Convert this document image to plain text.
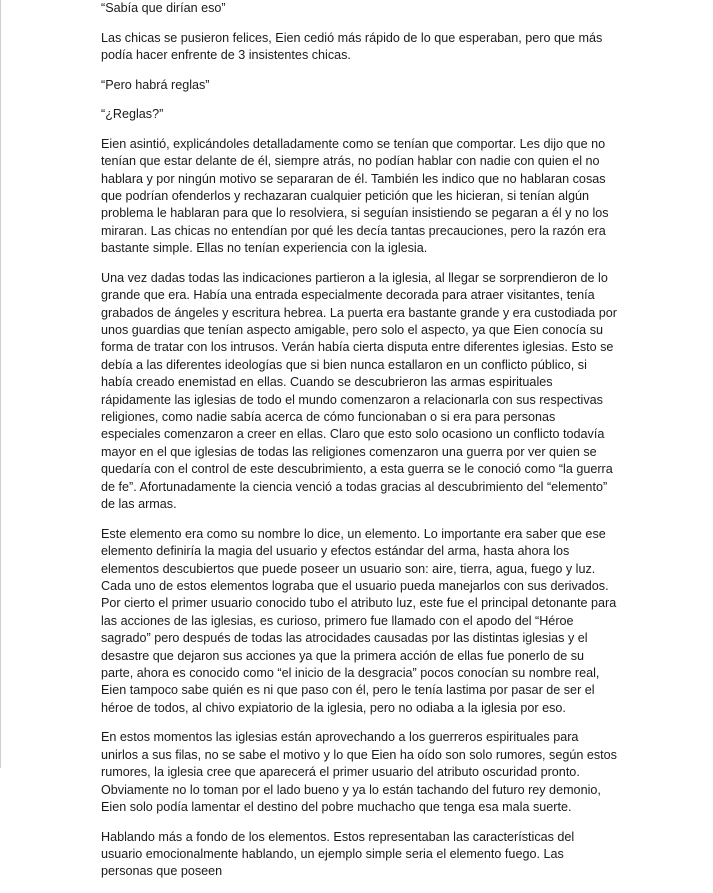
“Sabía que dirían eso”

Las chicas se pusieron felices, Eien cedió más rápido de lo que esperaban, pero que más podía hacer enfrente de 3 insistentes chicas.

“Pero habrá reglas”

“¿Reglas?”

Eien asintió, explicándoles detalladamente como se tenían que comportar. Les dijo que no tenían que estar delante de él, siempre atrás, no podían hablar con nadie con quien el no hablara y por ningún motivo se separaran de él. También les indico que no hablaran cosas que podrían ofenderlos y rechazaran cualquier petición que les hicieran, si tenían algún problema le hablaran para que lo resolviera, si seguían insistiendo se pegaran a él y no los miraran. Las chicas no entendían por qué les decía tantas precauciones, pero la razón era bastante simple. Ellas no tenían experiencia con la iglesia.

Una vez dadas todas las indicaciones partieron a la iglesia, al llegar se sorprendieron de lo grande que era. Había una entrada especialmente decorada para atraer visitantes, tenía grabados de ángeles y escritura hebrea. La puerta era bastante grande y era custodiada por unos guardias que tenían aspecto amigable, pero solo el aspecto, ya que Eien conocía su forma de tratar con los intrusos. Verán había cierta disputa entre diferentes iglesias. Esto se debía a las diferentes ideologías que si bien nunca estallaron en un conflicto público, si había creado enemistad en ellas. Cuando se descubrieron las armas espirituales rápidamente las iglesias de todo el mundo comenzaron a relacionarla con sus respectivas religiones, como nadie sabía acerca de cómo funcionaban o si era para personas especiales comenzaron a creer en ellas. Claro que esto solo ocasiono un conflicto todavía mayor en el que iglesias de todas las religiones comenzaron una guerra por ver quien se quedaría con el control de este descubrimiento, a esta guerra se le conoció como “la guerra de fe”. Afortunadamente la ciencia venció a todas gracias al descubrimiento del “elemento” de las armas.

Este elemento era como su nombre lo dice, un elemento. Lo importante era saber que ese elemento definiría la magia del usuario y efectos estándar del arma, hasta ahora los elementos descubiertos que puede poseer un usuario son: aire, tierra, agua, fuego y luz. Cada uno de estos elementos lograba que el usuario pueda manejarlos con sus derivados. Por cierto el primer usuario conocido tubo el atributo luz, este fue el principal detonante para las acciones de las iglesias, es curioso, primero fue llamado con el apodo del “Héroe sagrado” pero después de todas las atrocidades causadas por las distintas iglesias y el desastre que dejaron sus acciones ya que la primera acción de ellas fue ponerlo de su parte, ahora es conocido como “el inicio de la desgracia” pocos conocían su nombre real, Eien tampoco sabe quién es ni que paso con él, pero le tenía lastima por pasar de ser el héroe de todos, al chivo expiatorio de la iglesia, pero no odiaba a la iglesia por eso.

En estos momentos las iglesias están aprovechando a los guerreros espirituales para unirlos a sus filas, no se sabe el motivo y lo que Eien ha oído son solo rumores, según estos rumores, la iglesia cree que aparecerá el primer usuario del atributo oscuridad pronto. Obviamente no lo toman por el lado bueno y ya lo están tachando del futuro rey demonio, Eien solo podía lamentar el destino del pobre muchacho que tenga esa mala suerte.

Hablando más a fondo de los elementos. Estos representaban las características del usuario emocionalmente hablando, un ejemplo simple seria el elemento fuego. Las personas que poseen
